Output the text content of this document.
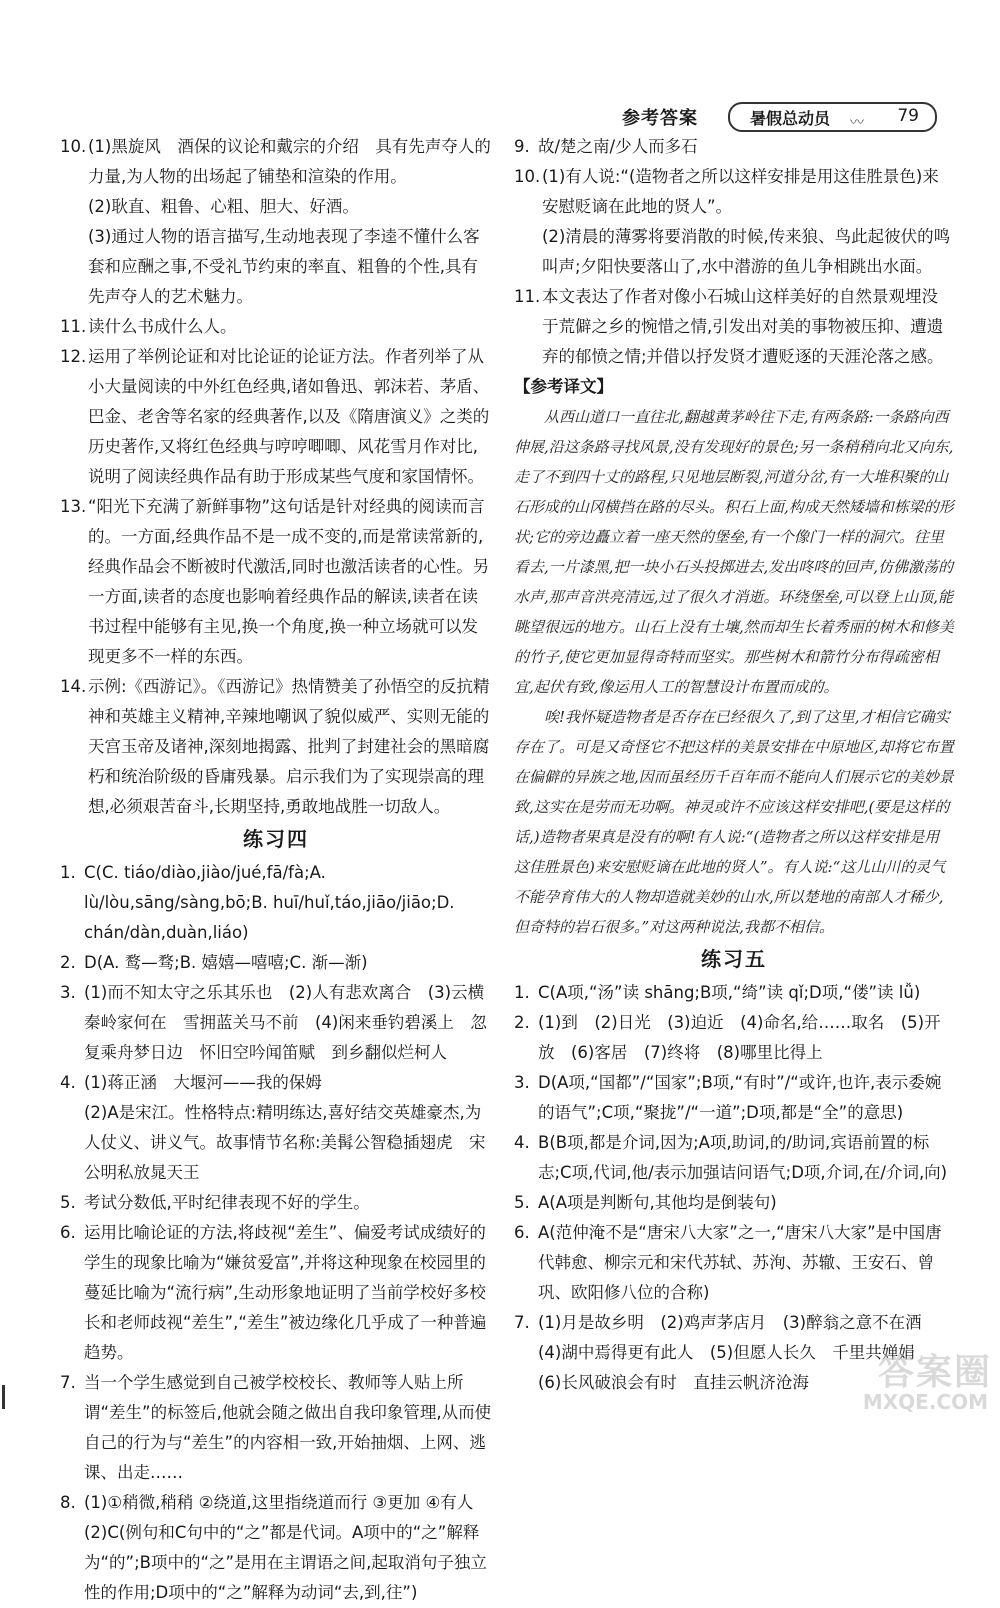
参考答案	暑假总动员 〰 79
10. (1)黑旋风　酒保的议论和戴宗的介绍　具有先声夺人的力量,为人物的出场起了铺垫和渲染的作用。
(2)耿直、粗鲁、心粗、胆大、好酒。
(3)通过人物的语言描写,生动地表现了李逵不懂什么客套和应酬之事,不受礼节约束的率直、粗鲁的个性,具有先声夺人的艺术魅力。
11. 读什么书成什么人。
12. 运用了举例论证和对比论证的论证方法。作者列举了从小大量阅读的中外红色经典,诸如鲁迅、郭沫若、茅盾、巴金、老舍等名家的经典著作,以及《隋唐演义》之类的历史著作,又将红色经典与哼哼唧唧、风花雪月作对比,说明了阅读经典作品有助于形成某些气度和家国情怀。
13. “阳光下充满了新鲜事物”这句话是针对经典的阅读而言的。一方面,经典作品不是一成不变的,而是常读常新的,经典作品会不断被时代激活,同时也激活读者的心性。另一方面,读者的态度也影响着经典作品的解读,读者在读书过程中能够有主见,换一个角度,换一种立场就可以发现更多不一样的东西。
14. 示例:《西游记》。《西游记》热情赞美了孙悟空的反抗精神和英雄主义精神,辛辣地嘲讽了貌似威严、实则无能的天宫玉帝及诸神,深刻地揭露、批判了封建社会的黑暗腐朽和统治阶级的昏庸残暴。启示我们为了实现崇高的理想,必须艰苦奋斗,长期坚持,勇敢地战胜一切敌人。
练习四
1. C(C. tiáo/diào,jiào/jué,fā/fà;A. lù/lòu,sāng/sàng,bō;B. huī/huǐ,táo,jiāo/jiāo;D. chán/dàn,duàn,liáo)
2. D(A. 鹜—骛;B. 嬉嬉—嘻嘻;C. 渐—渐)
3. (1)而不知太守之乐其乐也　(2)人有悲欢离合　(3)云横秦岭家何在　雪拥蓝关马不前　(4)闲来垂钓碧溪上　忽复乘舟梦日边　怀旧空吟闻笛赋　到乡翻似烂柯人
4. (1)蒋正涵　大堰河——我的保姆
(2)A是宋江。性格特点:精明练达,喜好结交英雄豪杰,为人仗义、讲义气。故事情节名称:美髯公智稳插翅虎　宋公明私放晁天王
5. 考试分数低,平时纪律表现不好的学生。
6. 运用比喻论证的方法,将歧视“差生”、偏爱考试成绩好的学生的现象比喻为“嫌贫爱富”,并将这种现象在校园里的蔓延比喻为“流行病”,生动形象地证明了当前学校好多校长和老师歧视“差生”,“差生”被边缘化几乎成了一种普遍趋势。
7. 当一个学生感觉到自己被学校校长、教师等人贴上所谓“差生”的标签后,他就会随之做出自我印象管理,从而使自己的行为与“差生”的内容相一致,开始抽烟、上网、逃课、出走……
8. (1)①稍微,稍稍 ②绕道,这里指绕道而行 ③更加 ④有人
(2)C(例句和C句中的“之”都是代词。A项中的“之”解释为“的”;B项中的“之”是用在主谓语之间,起取消句子独立性的作用;D项中的“之”解释为动词“去,到,往”)
9. 故/楚之南/少人而多石
10. (1)有人说:“(造物者之所以这样安排是用这佳胜景色)来安慰贬谪在此地的贤人”。
(2)清晨的薄雾将要消散的时候,传来狼、鸟此起彼伏的鸣叫声;夕阳快要落山了,水中潜游的鱼儿争相跳出水面。
11. 本文表达了作者对像小石城山这样美好的自然景观埋没于荒僻之乡的惋惜之情,引发出对美的事物被压抑、遭遗弃的郁愤之情;并借以抒发贤才遭贬逐的天涯沦落之感。
【参考译文】
从西山道口一直往北,翻越黄茅岭往下走,有两条路:一条路向西伸展,沿这条路寻找风景,没有发现好的景色;另一条稍稍向北又向东,走了不到四十丈的路程,只见地层断裂,河道分岔,有一大堆积聚的山石形成的山冈横挡在路的尽头。积石上面,构成天然矮墙和栋梁的形状;它的旁边矗立着一座天然的堡垒,有一个像门一样的洞穴。往里看去,一片漆黑,把一块小石头投掷进去,发出咚咚的回声,仿佛激荡的水声,那声音洪亮清远,过了很久才消逝。环绕堡垒,可以登上山顶,能眺望很远的地方。山石上没有土壤,然而却生长着秀丽的树木和修美的竹子,使它更加显得奇特而坚实。那些树木和箭竹分布得疏密相宜,起伏有致,像运用人工的智慧设计布置而成的。
唉!我怀疑造物者是否存在已经很久了,到了这里,才相信它确实存在了。可是又奇怪它不把这样的美景安排在中原地区,却将它布置在偏僻的异族之地,因而虽经历千百年而不能向人们展示它的美妙景致,这实在是劳而无功啊。神灵或许不应该这样安排吧,(要是这样的话,)造物者果真是没有的啊!有人说:“(造物者之所以这样安排是用这佳胜景色)来安慰贬谪在此地的贤人”。有人说:“这儿山川的灵气不能孕育伟大的人物却造就美妙的山水,所以楚地的南部人才稀少,但奇特的岩石很多。”对这两种说法,我都不相信。
练习五
1. C(A项,“汤”读 shāng;B项,“绮”读 qǐ;D项,“偻”读 lǚ)
2. (1)到　(2)日光　(3)迫近　(4)命名,给……取名　(5)开放　(6)客居　(7)终将　(8)哪里比得上
3. D(A项,“国都”/“国家”;B项,“有时”/“或许,也许,表示委婉的语气”;C项,“聚拢”/“一道”;D项,都是“全”的意思)
4. B(B项,都是介词,因为;A项,助词,的/助词,宾语前置的标志;C项,代词,他/表示加强诘问语气;D项,介词,在/介词,向)
5. A(A项是判断句,其他均是倒装句)
6. A(范仲淹不是“唐宋八大家”之一,“唐宋八大家”是中国唐代韩愈、柳宗元和宋代苏轼、苏洵、苏辙、王安石、曾巩、欧阳修八位的合称)
7. (1)月是故乡明　(2)鸡声茅店月　(3)醉翁之意不在酒
(4)湖中焉得更有此人　(5)但愿人长久　千里共婵娟
(6)长风破浪会有时　直挂云帆济沧海	答案圈
MXQE.COM
